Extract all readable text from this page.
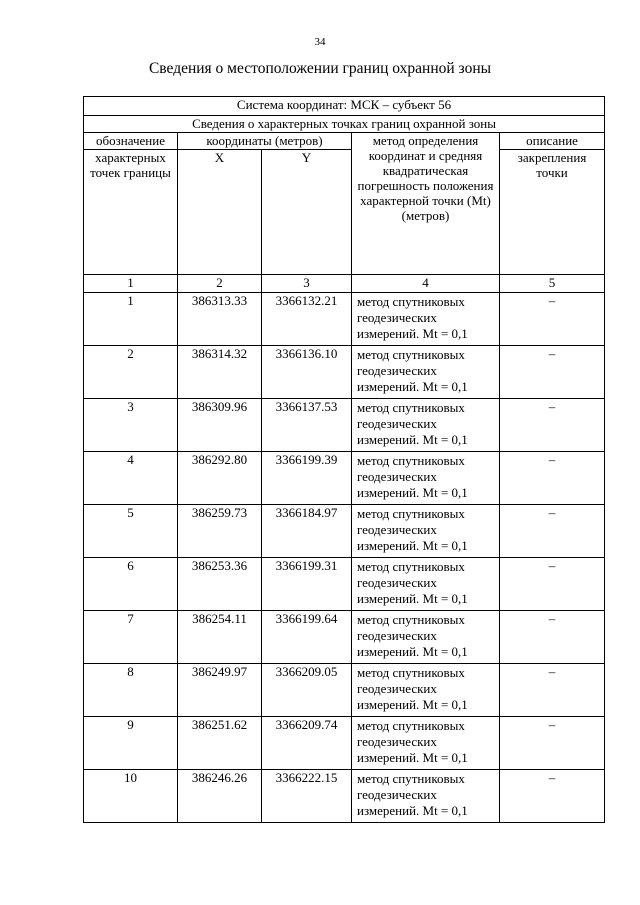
34
Сведения о местоположении границ охранной зоны
Система координат: МСК – субъект 56				
Сведения о характерных точках границ охранной зоны				
обозначение	координаты (метров)		метод определения координат и средняя квадратическая погрешность положения характерной точки (Mt) (метров)	описание
характерных точек границы	X	Y		закрепления точки
1	2	3	4	5
1	386313.33	3366132.21	метод спутниковых геодезических измерений. Mt = 0,1	–
2	386314.32	3366136.10	метод спутниковых геодезических измерений. Mt = 0,1	–
3	386309.96	3366137.53	метод спутниковых геодезических измерений. Mt = 0,1	–
4	386292.80	3366199.39	метод спутниковых геодезических измерений. Mt = 0,1	–
5	386259.73	3366184.97	метод спутниковых геодезических измерений. Mt = 0,1	–
6	386253.36	3366199.31	метод спутниковых геодезических измерений. Mt = 0,1	–
7	386254.11	3366199.64	метод спутниковых геодезических измерений. Mt = 0,1	–
8	386249.97	3366209.05	метод спутниковых геодезических измерений. Mt = 0,1	–
9	386251.62	3366209.74	метод спутниковых геодезических измерений. Mt = 0,1	–
10	386246.26	3366222.15	метод спутниковых геодезических измерений. Mt = 0,1	–
